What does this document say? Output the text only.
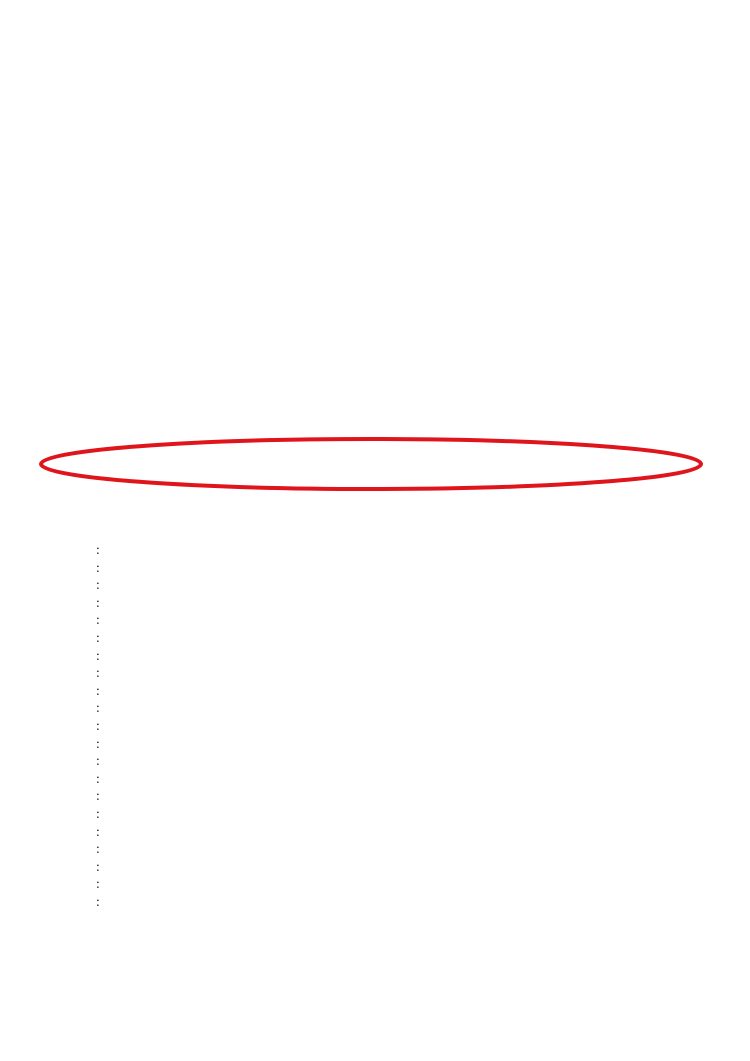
:
:
:
:
:
:
:
:
:
:
:
:
:
:
:
:
:
:
:
:
:
